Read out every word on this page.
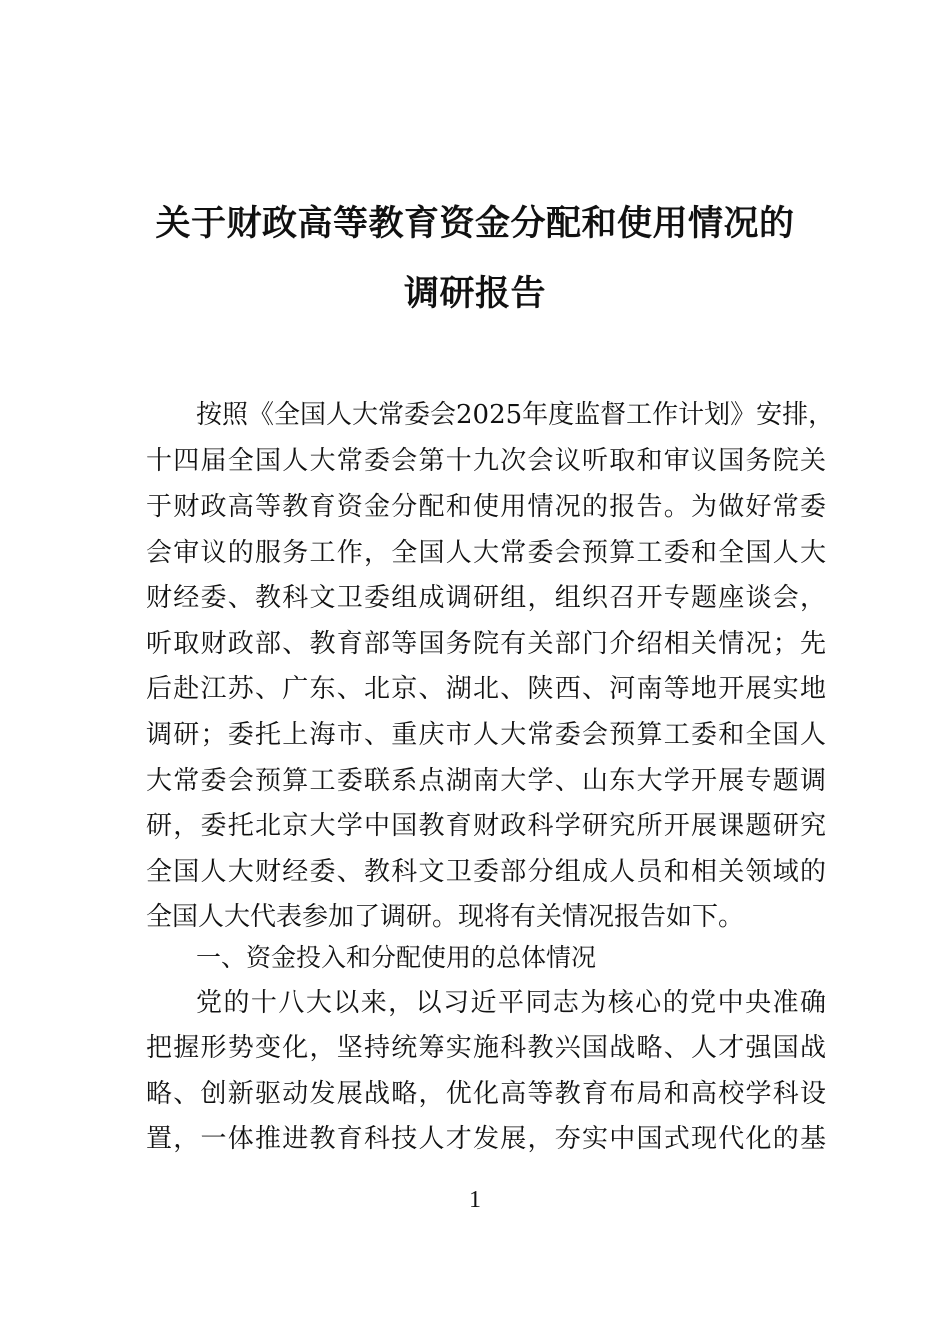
关于财政高等教育资金分配和使用情况的
调研报告
按照《全国人大常委会2025年度监督工作计划》安排，
十四届全国人大常委会第十九次会议听取和审议国务院关
于财政高等教育资金分配和使用情况的报告。为做好常委
会审议的服务工作，全国人大常委会预算工委和全国人大
财经委、教科文卫委组成调研组，组织召开专题座谈会，
听取财政部、教育部等国务院有关部门介绍相关情况；先
后赴江苏、广东、北京、湖北、陕西、河南等地开展实地
调研；委托上海市、重庆市人大常委会预算工委和全国人
大常委会预算工委联系点湖南大学、山东大学开展专题调
研，委托北京大学中国教育财政科学研究所开展课题研究
全国人大财经委、教科文卫委部分组成人员和相关领域的
全国人大代表参加了调研。现将有关情况报告如下。
一、资金投入和分配使用的总体情况
党的十八大以来，以习近平同志为核心的党中央准确
把握形势变化，坚持统筹实施科教兴国战略、人才强国战
略、创新驱动发展战略，优化高等教育布局和高校学科设
置，一体推进教育科技人才发展，夯实中国式现代化的基
1
